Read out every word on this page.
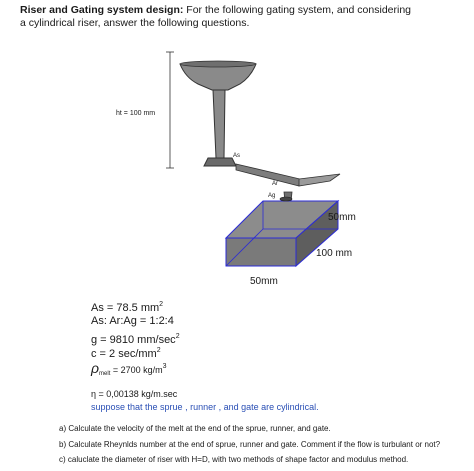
Riser and Gating system design: For the following gating system, and considering
a cylindrical riser, answer the following questions.
ht = 100 mm
As
Ar
Ag
50mm
100 mm
50mm
As = 78.5 $mm^2$
As: Ar:Ag = 1:2:4
g = 9810 $mm/\sec^2$
c = 2 $\sec/mm^2$
$\rho_{melt} = 2700$ $kg/m^3$
η = 0,00138 kg/m.sec
suppose that the sprue , runner , and gate are cylindrical.
a) Calculate the velocity of the melt at the end of the sprue, runner, and gate.
b) Calculate Rheynlds number at the end of sprue, runner and gate. Comment if the flow is turbulant or not?
c) caluclate the diameter of riser with H=D, with two methods of shape factor and modulus method.
